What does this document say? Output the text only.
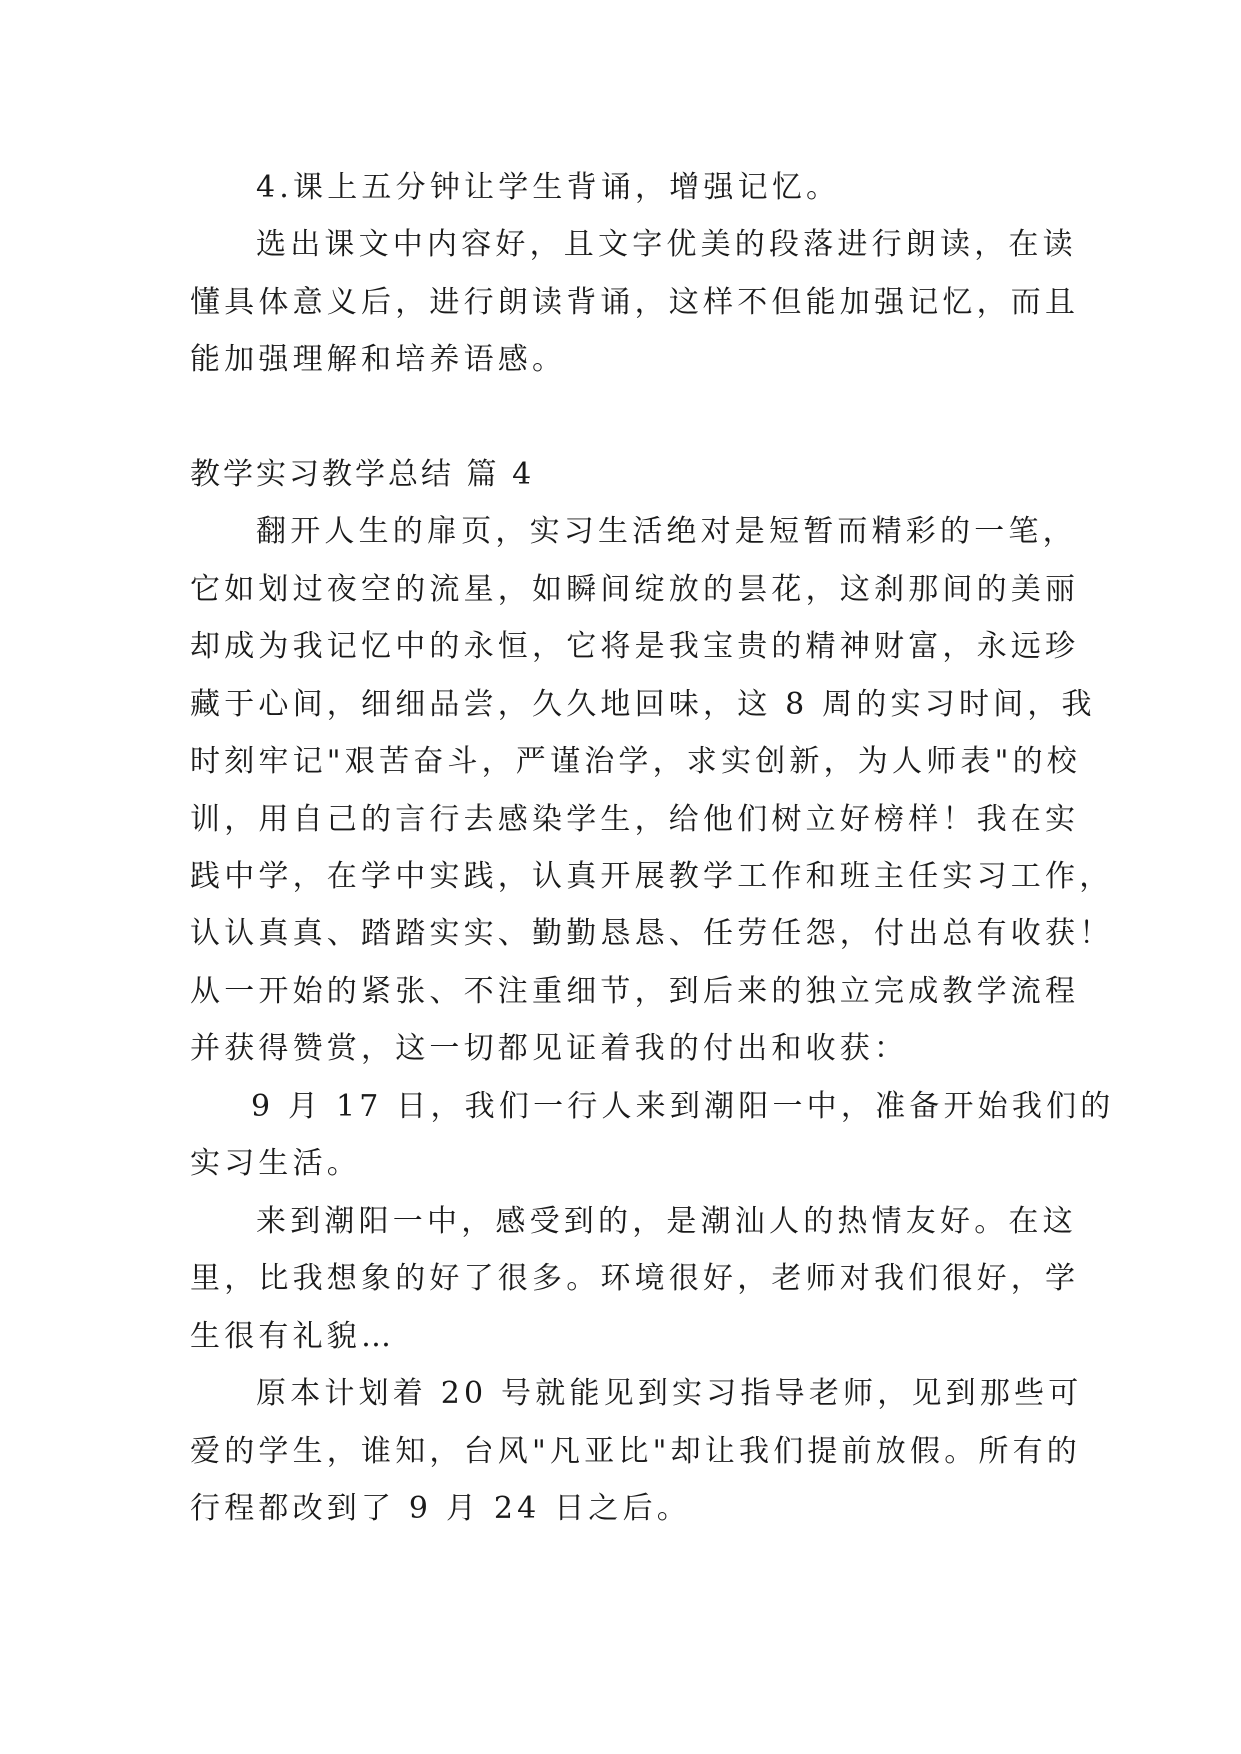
4.课上五分钟让学生背诵，增强记忆。
选出课文中内容好，且文字优美的段落进行朗读，在读
懂具体意义后，进行朗读背诵，这样不但能加强记忆，而且
能加强理解和培养语感。
教学实习教学总结 篇 4
翻开人生的扉页，实习生活绝对是短暂而精彩的一笔，
它如划过夜空的流星，如瞬间绽放的昙花，这刹那间的美丽
却成为我记忆中的永恒，它将是我宝贵的精神财富，永远珍
藏于心间，细细品尝，久久地回味，这 8 周的实习时间，我
时刻牢记"艰苦奋斗，严谨治学，求实创新，为人师表"的校
训，用自己的言行去感染学生，给他们树立好榜样！我在实
践中学，在学中实践，认真开展教学工作和班主任实习工作，
认认真真、踏踏实实、勤勤恳恳、任劳任怨，付出总有收获！
从一开始的紧张、不注重细节，到后来的独立完成教学流程
并获得赞赏，这一切都见证着我的付出和收获：
9 月 17 日，我们一行人来到潮阳一中，准备开始我们的
实习生活。
来到潮阳一中，感受到的，是潮汕人的热情友好。在这
里，比我想象的好了很多。环境很好，老师对我们很好，学
生很有礼貌…
原本计划着 20 号就能见到实习指导老师，见到那些可
爱的学生，谁知，台风"凡亚比"却让我们提前放假。所有的
行程都改到了 9 月 24 日之后。
